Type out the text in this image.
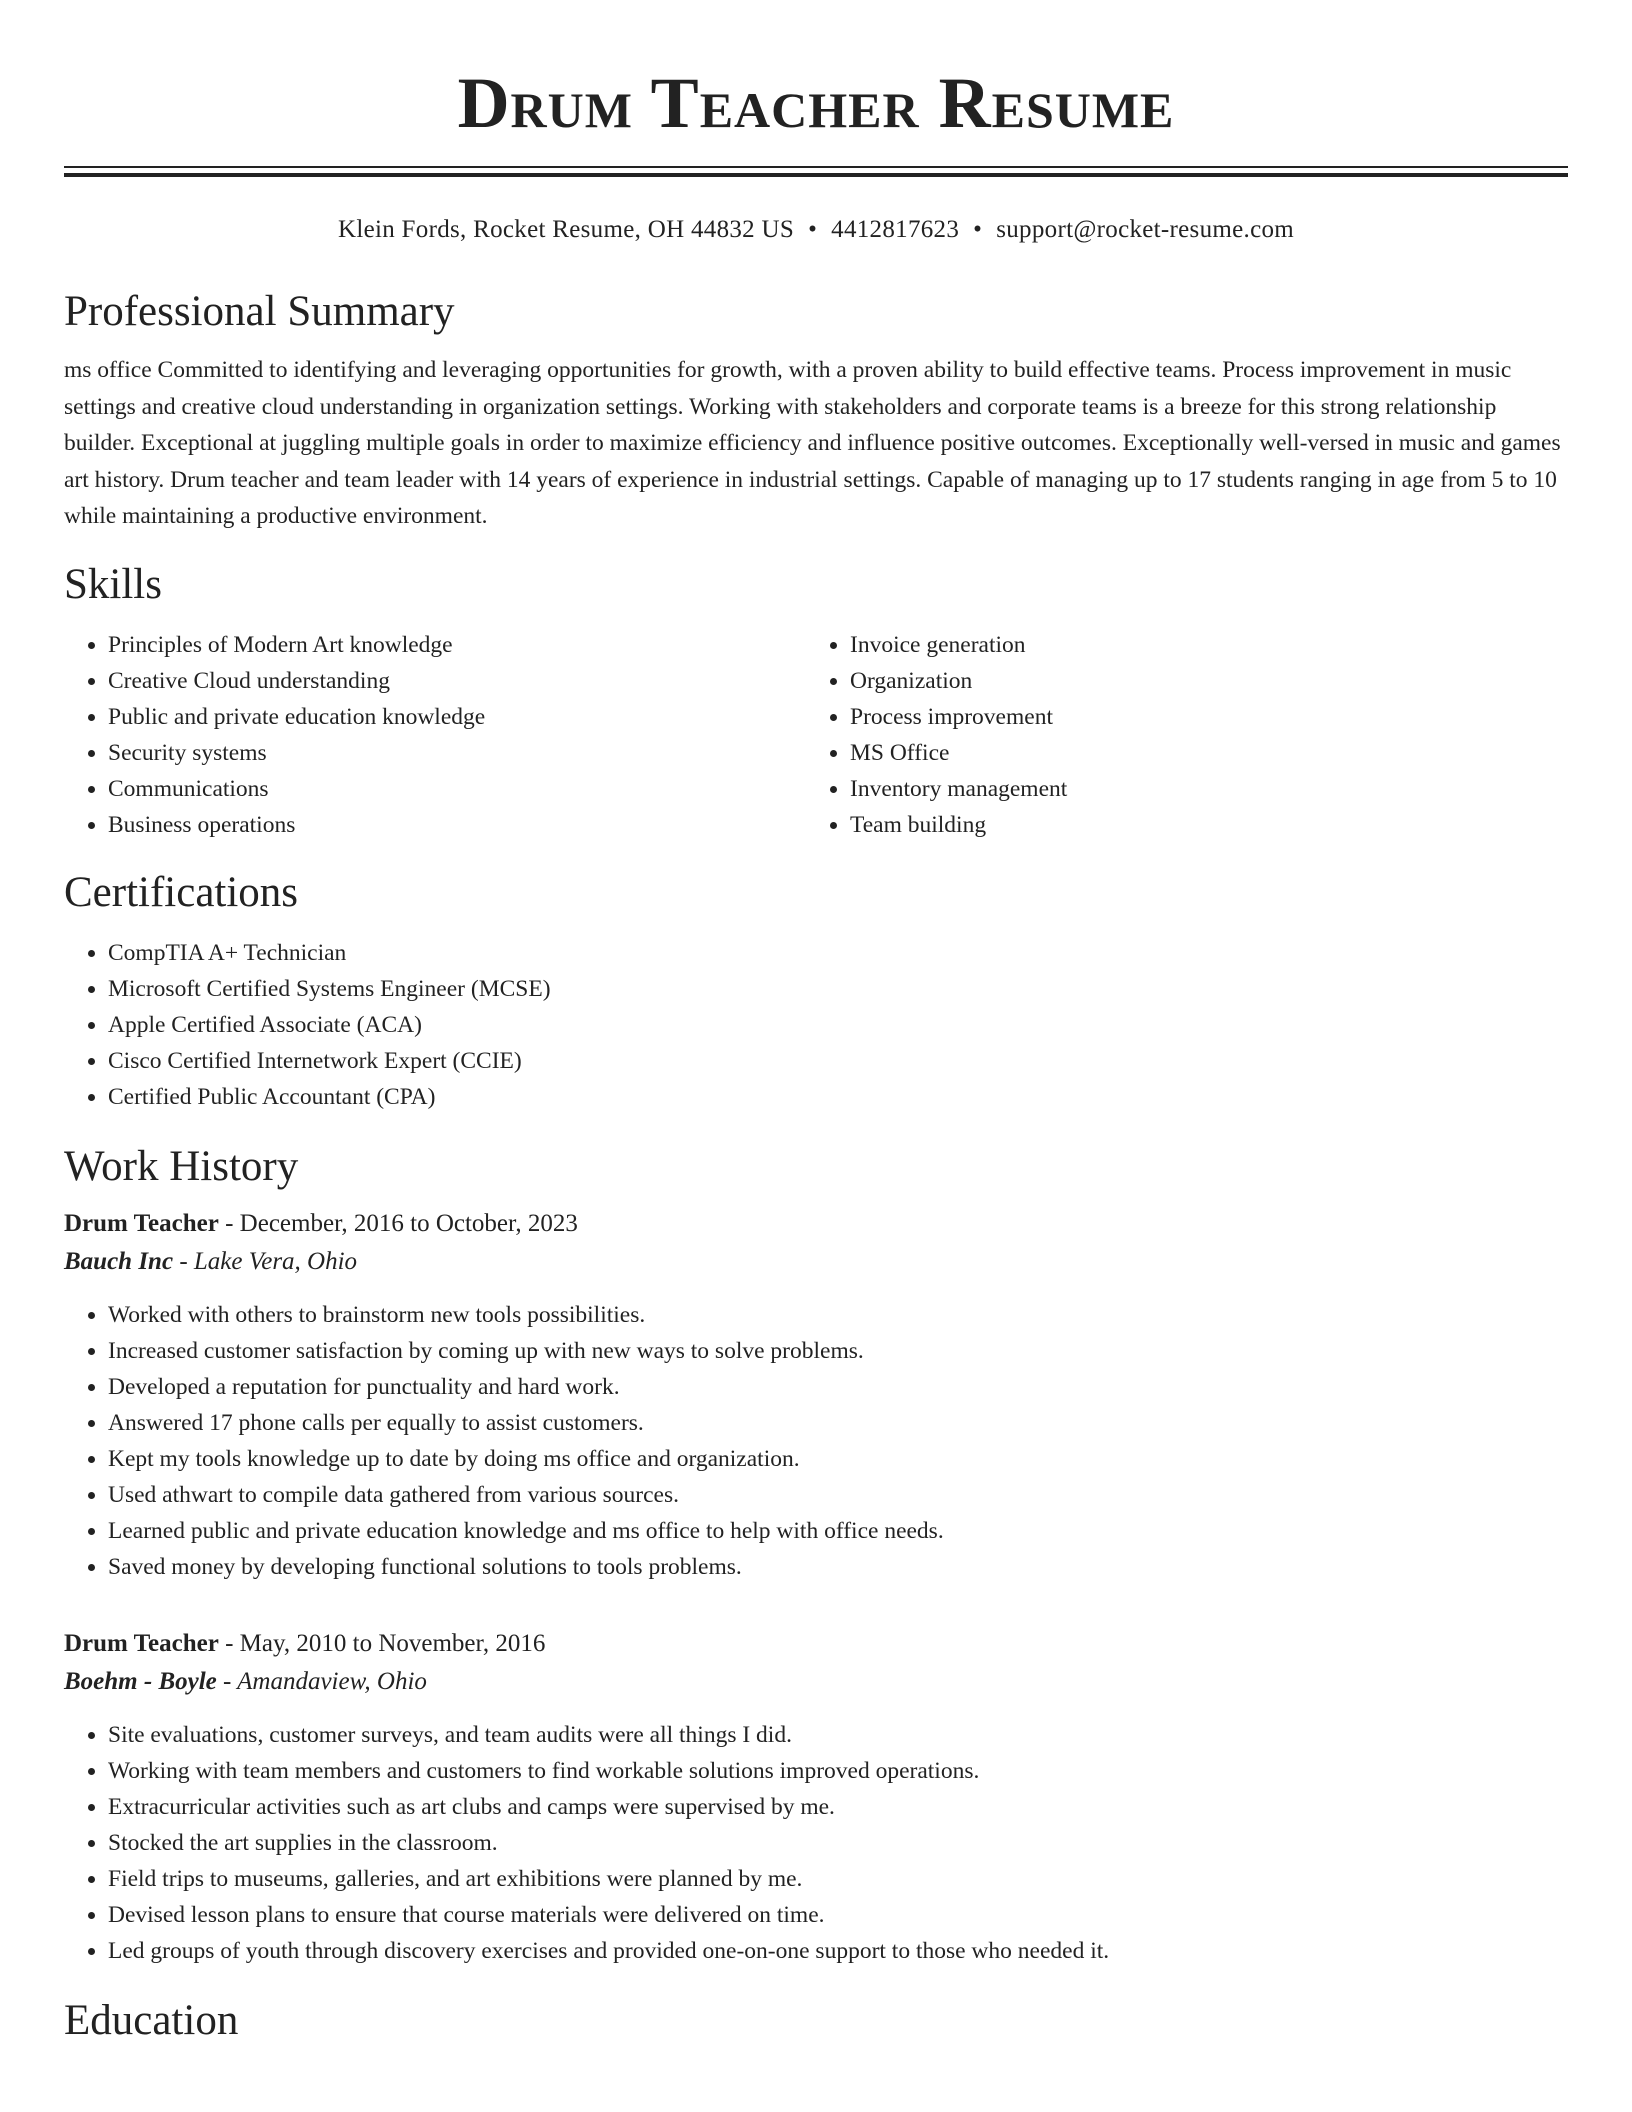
Drum Teacher Resume
Klein Fords, Rocket Resume, OH 44832 US • 4412817623 • support@rocket-resume.com
Professional Summary

ms office Committed to identifying and leveraging opportunities for growth, with a proven ability to build effective teams. Process improvement in music settings and creative cloud understanding in organization settings. Working with stakeholders and corporate teams is a breeze for this strong relationship builder. Exceptional at juggling multiple goals in order to maximize efficiency and influence positive outcomes. Exceptionally well-versed in music and games art history. Drum teacher and team leader with 14 years of experience in industrial settings. Capable of managing up to 17 students ranging in age from 5 to 10 while maintaining a productive environment.

Skills
• Principles of Modern Art knowledge
• Creative Cloud understanding
• Public and private education knowledge
• Security systems
• Communications
• Business operations
• Invoice generation
• Organization
• Process improvement
• MS Office
• Inventory management
• Team building
Certifications
• CompTIA A+ Technician
• Microsoft Certified Systems Engineer (MCSE)
• Apple Certified Associate (ACA)
• Cisco Certified Internetwork Expert (CCIE)
• Certified Public Accountant (CPA)
Work History
Drum Teacher - December, 2016 to October, 2023
Bauch Inc - Lake Vera, Ohio
• Worked with others to brainstorm new tools possibilities.
• Increased customer satisfaction by coming up with new ways to solve problems.
• Developed a reputation for punctuality and hard work.
• Answered 17 phone calls per equally to assist customers.
• Kept my tools knowledge up to date by doing ms office and organization.
• Used athwart to compile data gathered from various sources.
• Learned public and private education knowledge and ms office to help with office needs.
• Saved money by developing functional solutions to tools problems.
Drum Teacher - May, 2010 to November, 2016
Boehm - Boyle - Amandaview, Ohio
• Site evaluations, customer surveys, and team audits were all things I did.
• Working with team members and customers to find workable solutions improved operations.
• Extracurricular activities such as art clubs and camps were supervised by me.
• Stocked the art supplies in the classroom.
• Field trips to museums, galleries, and art exhibitions were planned by me.
• Devised lesson plans to ensure that course materials were delivered on time.
• Led groups of youth through discovery exercises and provided one-on-one support to those who needed it.
Education
